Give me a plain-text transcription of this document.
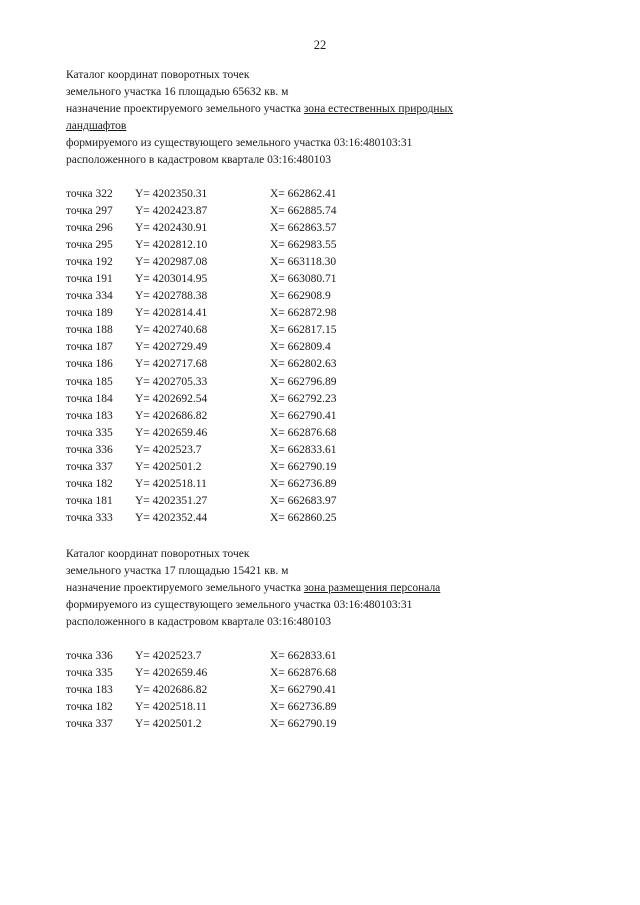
22
Каталог координат поворотных точек
земельного участка 16 площадью 65632 кв. м
назначение проектируемого земельного участка зона естественных природных
ландшафтов
формируемого из существующего земельного участка 03:16:480103:31
расположенного в кадастровом квартале 03:16:480103
точка 322 Y= 4202350.31	X= 662862.41
точка 297 Y= 4202423.87	X= 662885.74
точка 296 Y= 4202430.91	X= 662863.57
точка 295 Y= 4202812.10	X= 662983.55
точка 192 Y= 4202987.08	X= 663118.30
точка 191 Y= 4203014.95	X= 663080.71
точка 334 Y= 4202788.38	X= 662908.9
точка 189 Y= 4202814.41	X= 662872.98
точка 188 Y= 4202740.68	X= 662817.15
точка 187 Y= 4202729.49	X= 662809.4
точка 186 Y= 4202717.68	X= 662802.63
точка 185 Y= 4202705.33	X= 662796.89
точка 184 Y= 4202692.54	X= 662792.23
точка 183 Y= 4202686.82	X= 662790.41
точка 335 Y= 4202659.46	X= 662876.68
точка 336 Y= 4202523.7	X= 662833.61
точка 337 Y= 4202501.2	X= 662790.19
точка 182 Y= 4202518.11	X= 662736.89
точка 181 Y= 4202351.27	X= 662683.97
точка 333 Y= 4202352.44	X= 662860.25
Каталог координат поворотных точек
земельного участка 17 площадью 15421 кв. м
назначение проектируемого земельного участка зона размещения персонала
формируемого из существующего земельного участка 03:16:480103:31
расположенного в кадастровом квартале 03:16:480103
точка 336 Y= 4202523.7	X= 662833.61
точка 335 Y= 4202659.46	X= 662876.68
точка 183 Y= 4202686.82	X= 662790.41
точка 182 Y= 4202518.11	X= 662736.89
точка 337 Y= 4202501.2	X= 662790.19
